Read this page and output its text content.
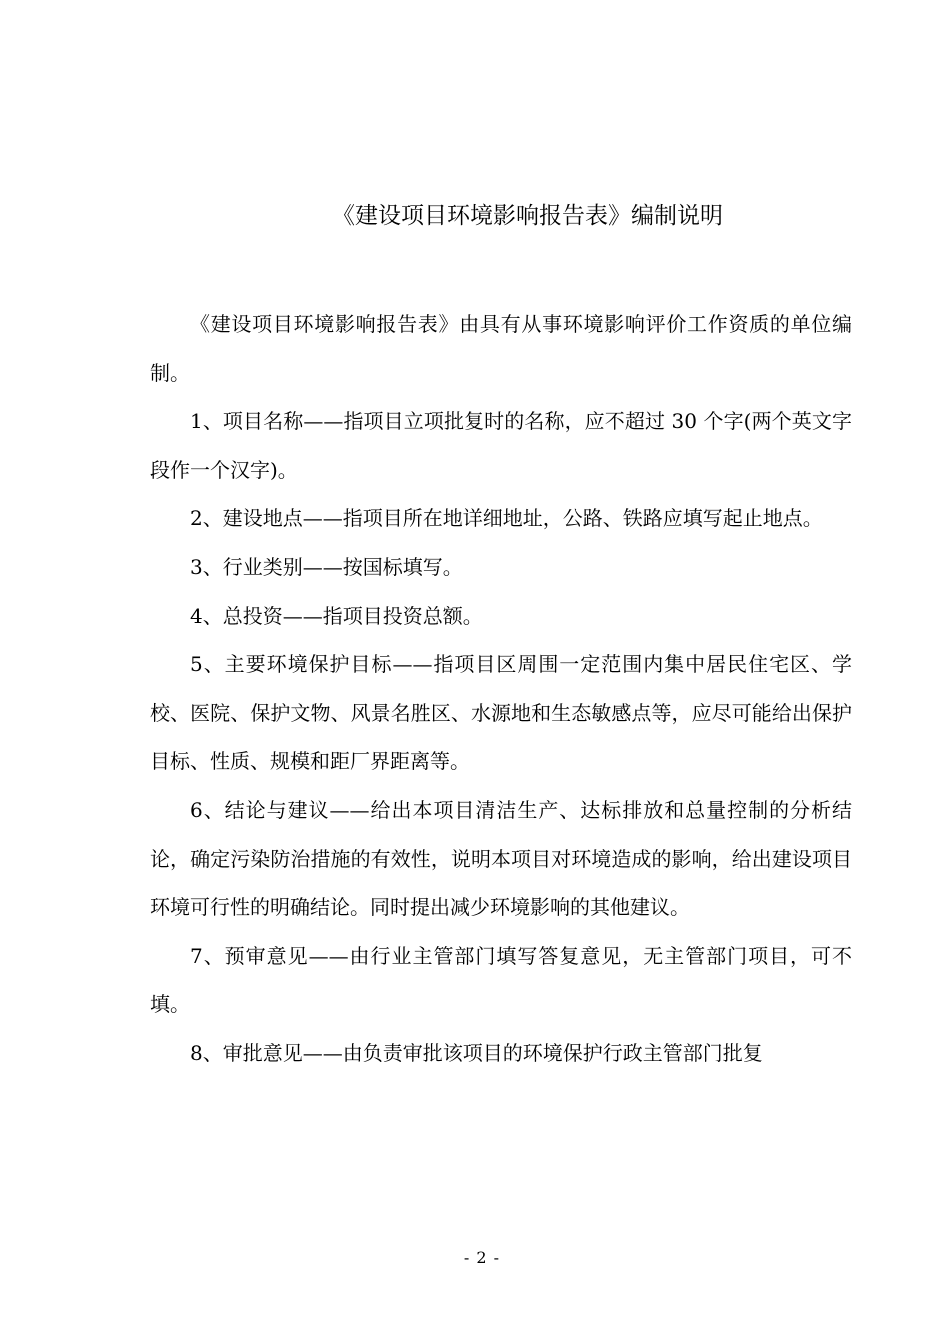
《建设项目环境影响报告表》编制说明

《建设项目环境影响报告表》由具有从事环境影响评价工作资质的单位编制。

1、项目名称——指项目立项批复时的名称，应不超过 30 个字(两个英文字段作一个汉字)。

2、建设地点——指项目所在地详细地址，公路、铁路应填写起止地点。

3、行业类别——按国标填写。

4、总投资——指项目投资总额。

5、主要环境保护目标——指项目区周围一定范围内集中居民住宅区、学校、医院、保护文物、风景名胜区、水源地和生态敏感点等，应尽可能给出保护目标、性质、规模和距厂界距离等。

6、结论与建议——给出本项目清洁生产、达标排放和总量控制的分析结论，确定污染防治措施的有效性，说明本项目对环境造成的影响，给出建设项目环境可行性的明确结论。同时提出减少环境影响的其他建议。

7、预审意见——由行业主管部门填写答复意见，无主管部门项目，可不填。

8、审批意见——由负责审批该项目的环境保护行政主管部门批复

- 2 -
